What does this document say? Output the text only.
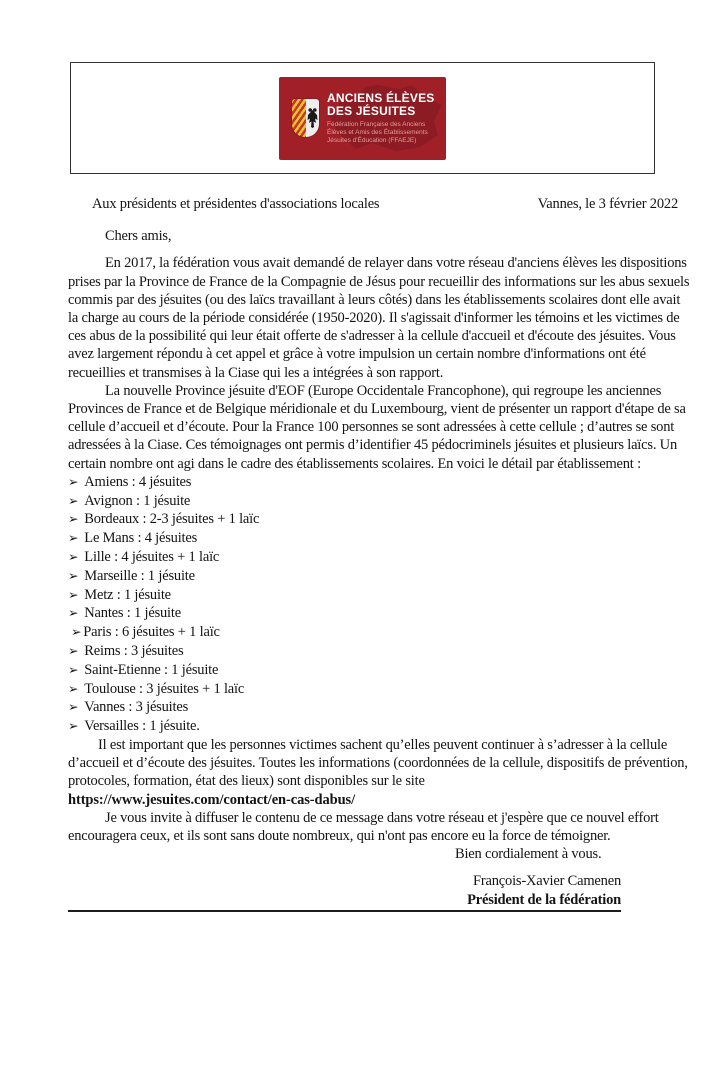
ANCIENS ÉLÈVES
DES JÉSUITES
Fédération Française des Anciens
Élèves et Amis des Établissements
Jésuites d'Éducation (FFAEJE)
Aux présidents et présidentes d'associations locales	Vannes, le 3 février 2022

Chers amis,

En 2017, la fédération vous avait demandé de relayer dans votre réseau d'anciens élèves les dispositions prises par la Province de France de la Compagnie de Jésus pour recueillir des informations sur les abus sexuels commis par des jésuites (ou des laïcs travaillant à leurs côtés) dans les établissements scolaires dont elle avait la charge au cours de la période considérée (1950-2020). Il s'agissait d'informer les témoins et les victimes de ces abus de la possibilité qui leur était offerte de s'adresser à la cellule d'accueil et d'écoute des jésuites. Vous avez largement répondu à cet appel et grâce à votre impulsion un certain nombre d'informations ont été recueillies et transmises à la Ciase qui les a intégrées à son rapport.

La nouvelle Province jésuite d'EOF (Europe Occidentale Francophone), qui regroupe les anciennes Provinces de France et de Belgique méridionale et du Luxembourg, vient de présenter un rapport d'étape de sa cellule d’accueil et d’écoute. Pour la France 100 personnes se sont adressées à cette cellule ; d’autres se sont adressées à la Ciase. Ces témoignages ont permis d’identifier 45 pédocriminels jésuites et plusieurs laïcs. Un certain nombre ont agi dans le cadre des établissements scolaires. En voici le détail par établissement :

➢ Amiens : 4 jésuites
➢ Avignon : 1 jésuite
➢ Bordeaux : 2-3 jésuites + 1 laïc
➢ Le Mans : 4 jésuites
➢ Lille : 4 jésuites + 1 laïc
➢ Marseille : 1 jésuite
➢ Metz : 1 jésuite
➢ Nantes : 1 jésuite
➢ Paris : 6 jésuites + 1 laïc
➢ Reims : 3 jésuites
➢ Saint-Etienne : 1 jésuite
➢ Toulouse : 3 jésuites + 1 laïc
➢ Vannes : 3 jésuites
➢ Versailles : 1 jésuite.

Il est important que les personnes victimes sachent qu’elles peuvent continuer à s’adresser à la cellule d’accueil et d’écoute des jésuites. Toutes les informations (coordonnées de la cellule, dispositifs de prévention, protocoles, formation, état des lieux) sont disponibles sur le site

https://www.jesuites.com/contact/en-cas-dabus/

Je vous invite à diffuser le contenu de ce message dans votre réseau et j'espère que ce nouvel effort encouragera ceux, et ils sont sans doute nombreux, qui n'ont pas encore eu la force de témoigner.

Bien cordialement à vous.

François-Xavier Camenen
Président de la fédération
